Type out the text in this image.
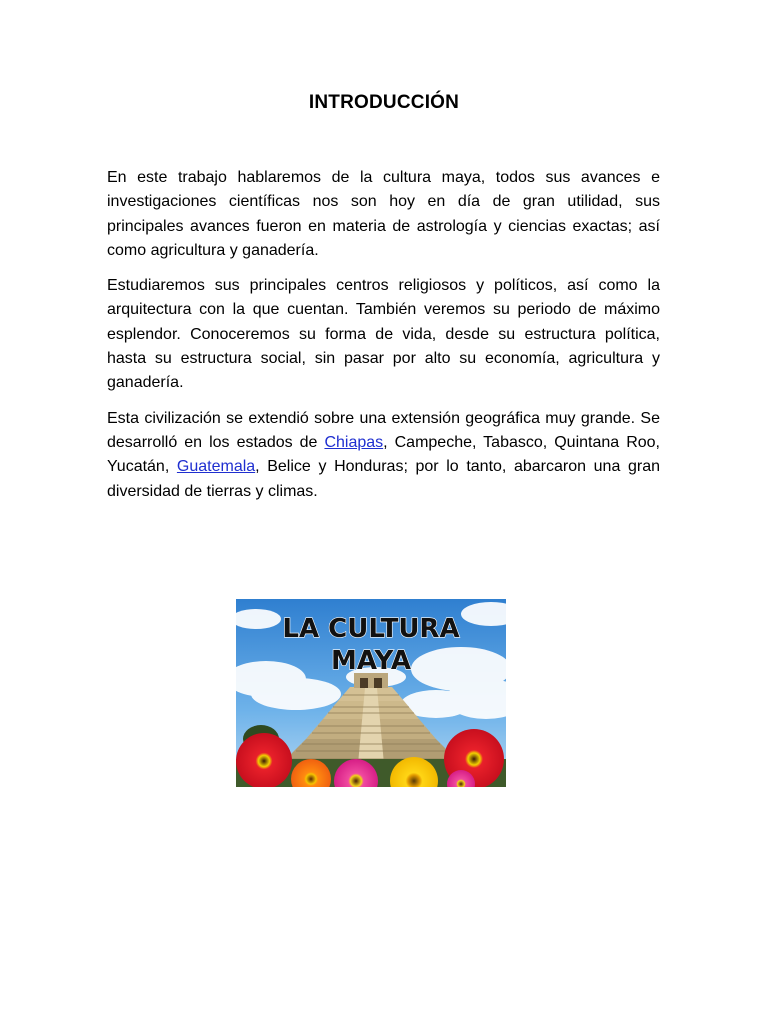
INTRODUCCIÓN

En este trabajo hablaremos de la cultura maya, todos sus avances e investigaciones científicas nos son hoy en día de gran utilidad, sus principales avances fueron en materia de astrología y ciencias exactas; así como agricultura y ganadería.

Estudiaremos sus principales centros religiosos y políticos, así como la arquitectura con la que cuentan. También veremos su periodo de máximo esplendor. Conoceremos su forma de vida, desde su estructura política, hasta su estructura social, sin pasar por alto su economía, agricultura y ganadería.

Esta civilización se extendió sobre una extensión geográfica muy grande. Se desarrolló en los estados de Chiapas, Campeche, Tabasco, Quintana Roo, Yucatán, Guatemala, Belice y Honduras; por lo tanto, abarcaron una gran diversidad de tierras y climas.

LA CULTURA
MAYA
